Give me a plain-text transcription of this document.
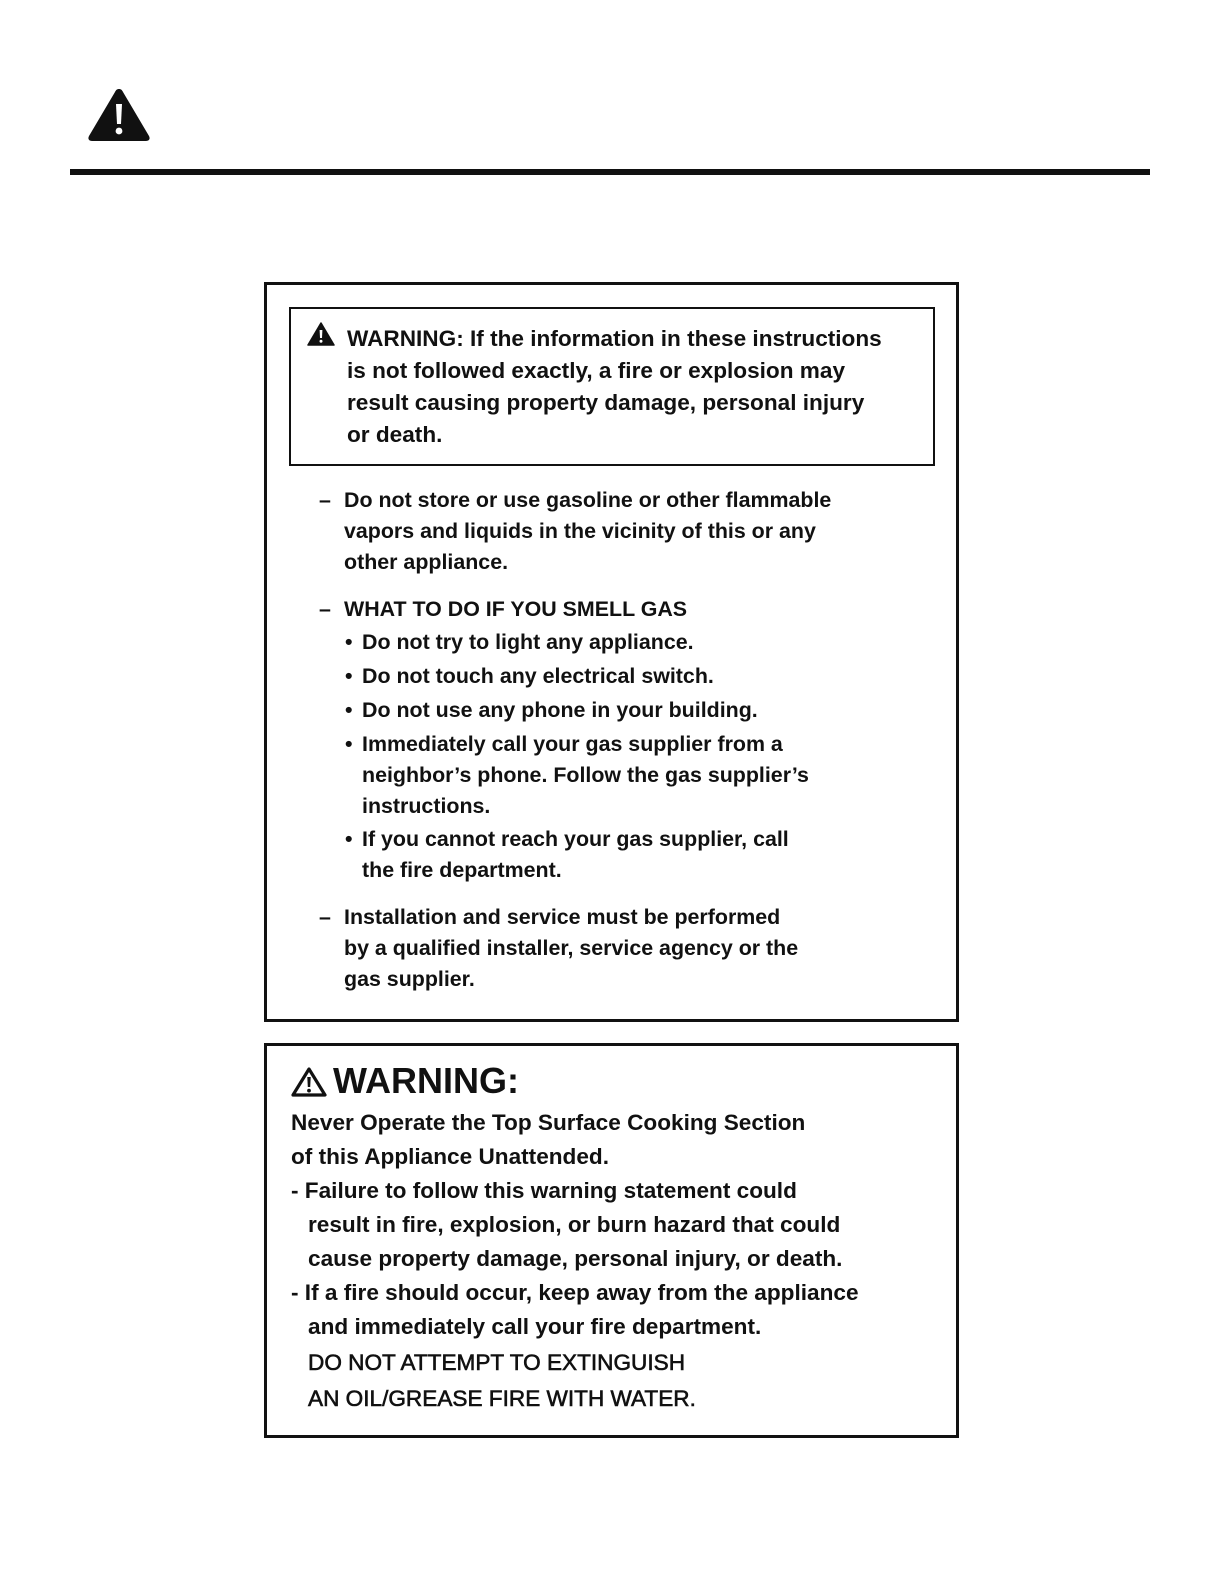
WARNING: If the information in these instructions
is not followed exactly, a fire or explosion may
result causing property damage, personal injury
or death.
– Do not store or use gasoline or other flammable
vapors and liquids in the vicinity of this or any
other appliance.
– WHAT TO DO IF YOU SMELL GAS
• Do not try to light any appliance.
• Do not touch any electrical switch.
• Do not use any phone in your building.
• Immediately call your gas supplier from a
neighbor’s phone. Follow the gas supplier’s
instructions.
• If you cannot reach your gas supplier, call
the fire department.
– Installation and service must be performed
by a qualified installer, service agency or the
gas supplier.
WARNING:
Never Operate the Top Surface Cooking Section
of this Appliance Unattended.
- Failure to follow this warning statement could
result in fire, explosion, or burn hazard that could
cause property damage, personal injury, or death.
- If a fire should occur, keep away from the appliance
and immediately call your fire department.
DO NOT ATTEMPT TO EXTINGUISH
AN OIL/GREASE FIRE WITH WATER.
